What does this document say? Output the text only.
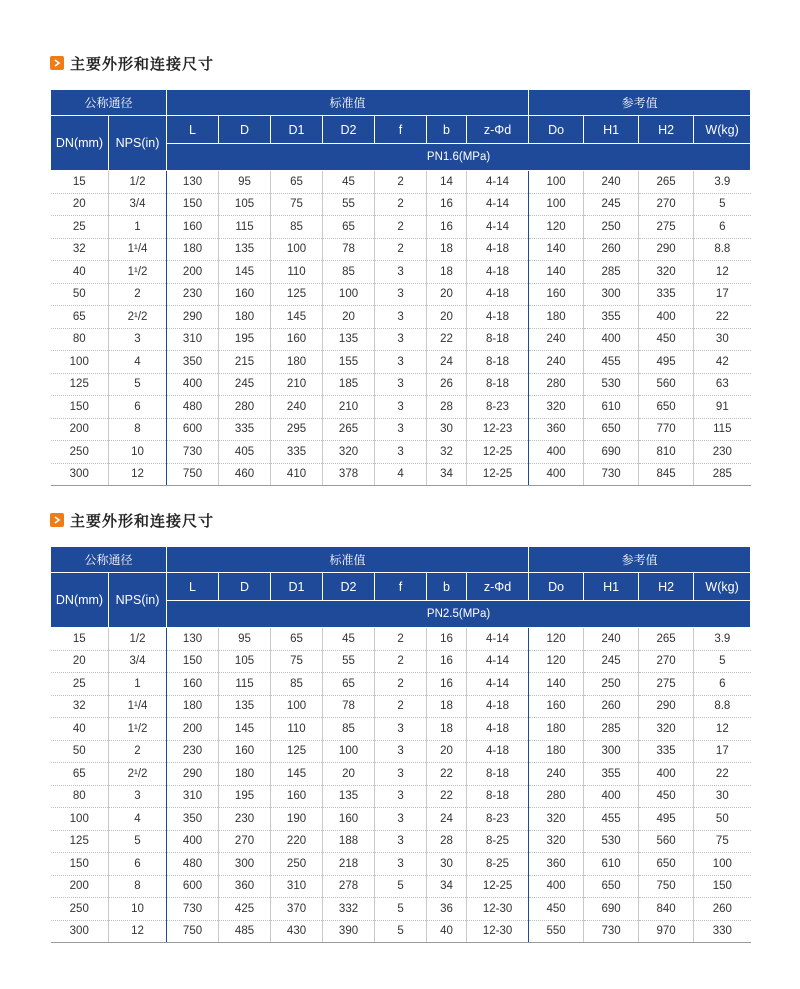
主要外形和连接尺寸
公称通径		标准值							参考值			
DN(mm)	NPS(in)	L	D	D1	D2	f	b	z-Φd	Do	H1	H2	W(kg)
		PN1.6(MPa)										
15	1/2	130	95	65	45	2	14	4-14	100	240	265	3.9
20	3/4	150	105	75	55	2	16	4-14	100	245	270	5
25	1	160	115	85	65	2	16	4-14	120	250	275	6
32	1¹/4	180	135	100	78	2	18	4-18	140	260	290	8.8
40	1¹/2	200	145	110	85	3	18	4-18	140	285	320	12
50	2	230	160	125	100	3	20	4-18	160	300	335	17
65	2¹/2	290	180	145	20	3	20	4-18	180	355	400	22
80	3	310	195	160	135	3	22	8-18	240	400	450	30
100	4	350	215	180	155	3	24	8-18	240	455	495	42
125	5	400	245	210	185	3	26	8-18	280	530	560	63
150	6	480	280	240	210	3	28	8-23	320	610	650	91
200	8	600	335	295	265	3	30	12-23	360	650	770	115
250	10	730	405	335	320	3	32	12-25	400	690	810	230
300	12	750	460	410	378	4	34	12-25	400	730	845	285
主要外形和连接尺寸
公称通径		标准值							参考值			
DN(mm)	NPS(in)	L	D	D1	D2	f	b	z-Φd	Do	H1	H2	W(kg)
		PN2.5(MPa)										
15	1/2	130	95	65	45	2	16	4-14	120	240	265	3.9
20	3/4	150	105	75	55	2	16	4-14	120	245	270	5
25	1	160	115	85	65	2	16	4-14	140	250	275	6
32	1¹/4	180	135	100	78	2	18	4-18	160	260	290	8.8
40	1¹/2	200	145	110	85	3	18	4-18	180	285	320	12
50	2	230	160	125	100	3	20	4-18	180	300	335	17
65	2¹/2	290	180	145	20	3	22	8-18	240	355	400	22
80	3	310	195	160	135	3	22	8-18	280	400	450	30
100	4	350	230	190	160	3	24	8-23	320	455	495	50
125	5	400	270	220	188	3	28	8-25	320	530	560	75
150	6	480	300	250	218	3	30	8-25	360	610	650	100
200	8	600	360	310	278	5	34	12-25	400	650	750	150
250	10	730	425	370	332	5	36	12-30	450	690	840	260
300	12	750	485	430	390	5	40	12-30	550	730	970	330
